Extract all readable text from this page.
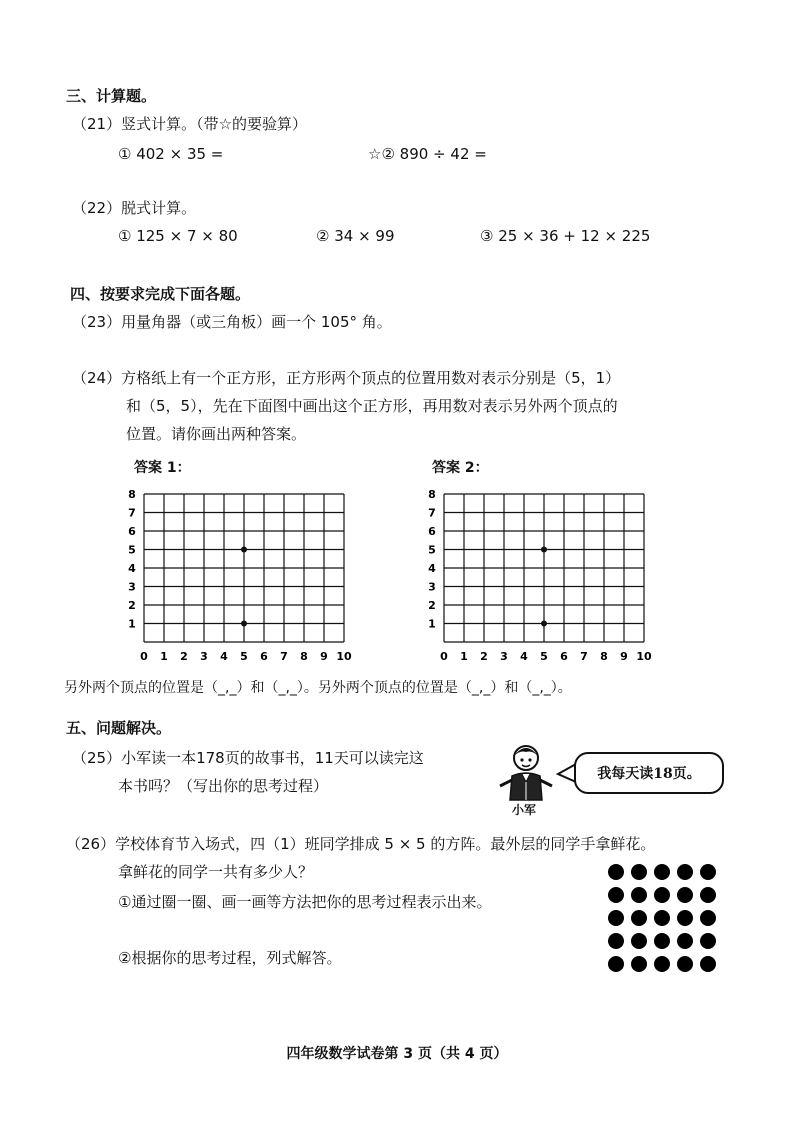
三、计算题。
（21）竖式计算。（带☆的要验算）
① 402 × 35 =	☆② 890 ÷ 42 =
（22）脱式计算。
① 125 × 7 × 80	② 34 × 99	③ 25 × 36 + 12 × 225
四、按要求完成下面各题。
（23）用量角器（或三角板）画一个 105° 角。
（24）方格纸上有一个正方形，正方形两个顶点的位置用数对表示分别是（5，1）
和（5，5），先在下面图中画出这个正方形，再用数对表示另外两个顶点的
位置。请你画出两种答案。
答案 1：	答案 2：
1
2
3
4
5
6
7
8
0 1 2 3 4 5 6 7 8 9 10
1
2
3
4
5
6
7
8
0 1 2 3 4 5 6 7 8 9 10
另外两个顶点的位置是（_,_）和（_,_）。另外两个顶点的位置是（_,_）和（_,_）。
五、问题解决。
（25）小军读一本178页的故事书，11天可以读完这
本书吗？（写出你的思考过程）
小军
我每天读18页。
（26）学校体育节入场式，四（1）班同学排成 5 × 5 的方阵。最外层的同学手拿鲜花。
拿鲜花的同学一共有多少人？
①通过圈一圈、画一画等方法把你的思考过程表示出来。
②根据你的思考过程，列式解答。
四年级数学试卷第 3 页（共 4 页）
